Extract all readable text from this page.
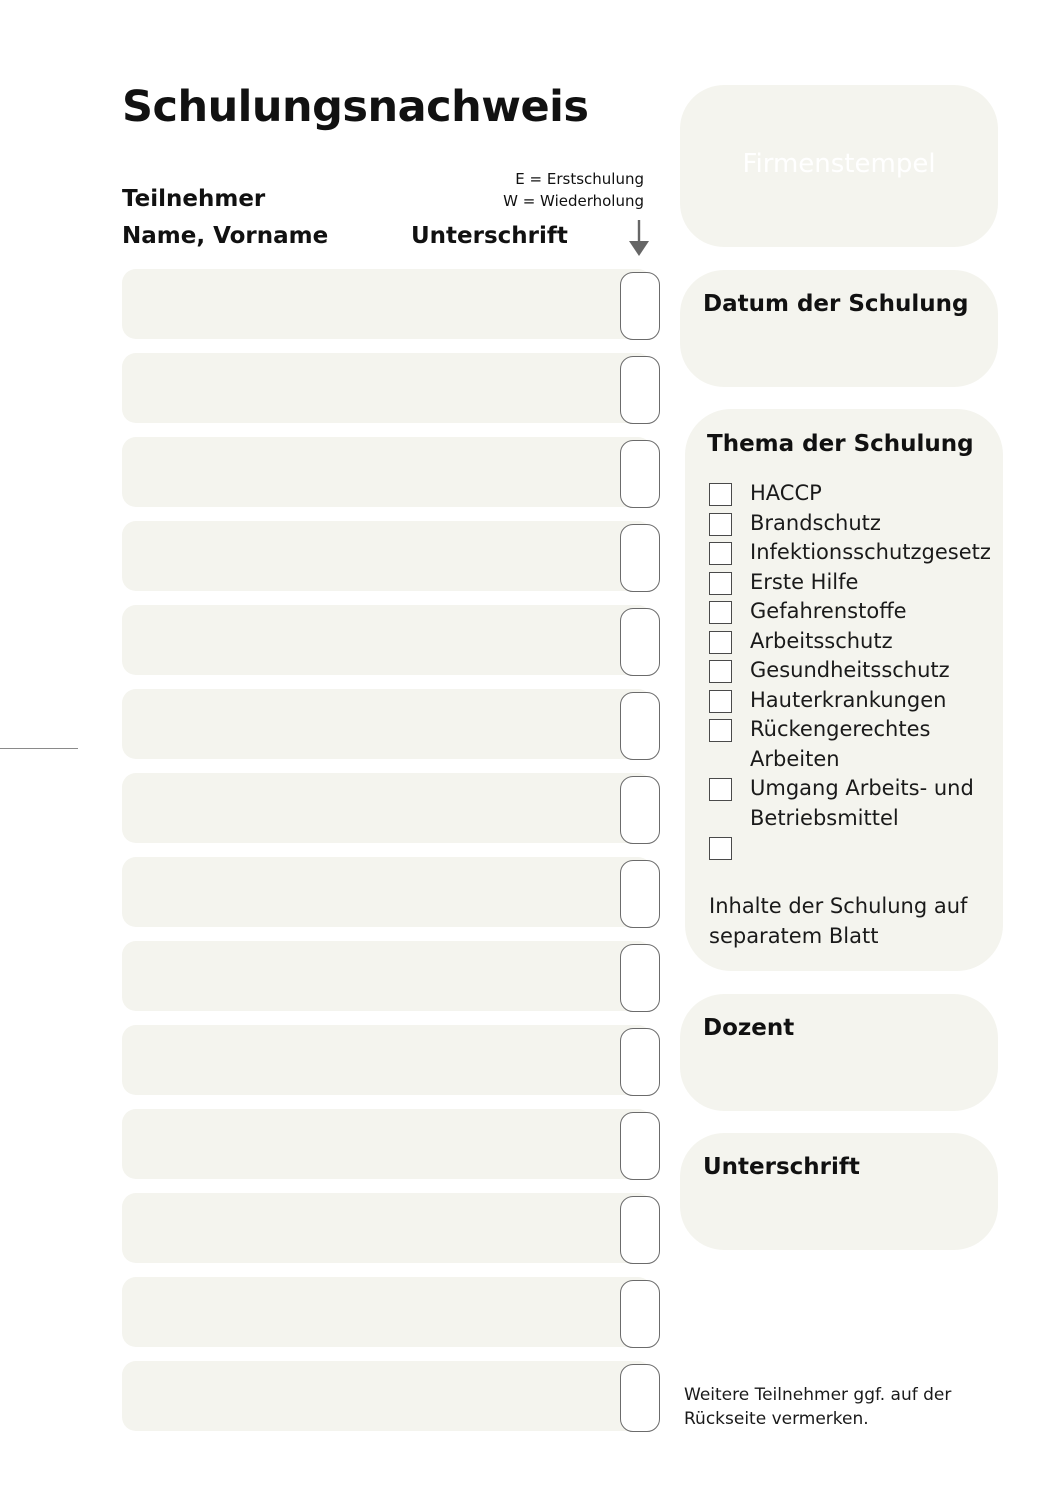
Schulungsnachweis
Teilnehmer
Name, Vorname	Unterschrift
E = Erstschulung
W = Wiederholung
Firmenstempel
Datum der Schulung
Thema der Schulung
HACCP
Brandschutz
Infektionsschutzgesetz
Erste Hilfe
Gefahrenstoffe
Arbeitsschutz
Gesundheitsschutz
Hauterkrankungen
Rückengerechtes
Arbeiten
Umgang Arbeits- und
Betriebsmittel
Inhalte der Schulung auf
separatem Blatt
Dozent
Unterschrift
Weitere Teilnehmer ggf. auf der
Rückseite vermerken.
